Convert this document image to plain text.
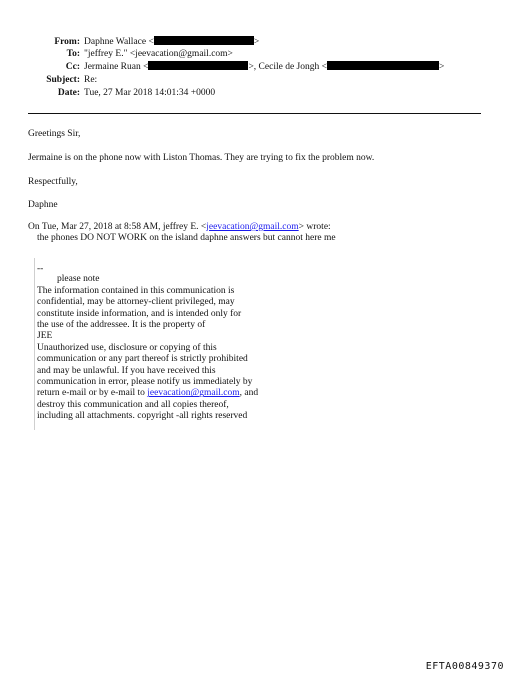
From: Daphne Wallace <	>
To: "jeffrey E." <jeevacation@gmail.com>
Cc: Jermaine Ruan <	>, Cecile de Jongh <	>
Subject: Re:
Date: Tue, 27 Mar 2018 14:01:34 +0000
Greetings Sir,
Jermaine is on the phone now with Liston Thomas. They are trying to fix the problem now.
Respectfully,
Daphne
On Tue, Mar 27, 2018 at 8:58 AM, jeffrey E. <jeevacation@gmail.com> wrote:
the phones DO NOT WORK on the island daphne answers but cannot here me
--
please note
The information contained in this communication is
confidential, may be attorney-client privileged, may
constitute inside information, and is intended only for
the use of the addressee. It is the property of
JEE
Unauthorized use, disclosure or copying of this
communication or any part thereof is strictly prohibited
and may be unlawful. If you have received this
communication in error, please notify us immediately by
return e-mail or by e-mail to jeevacation@gmail.com, and
destroy this communication and all copies thereof,
including all attachments. copyright -all rights reserved
EFTA00849370
